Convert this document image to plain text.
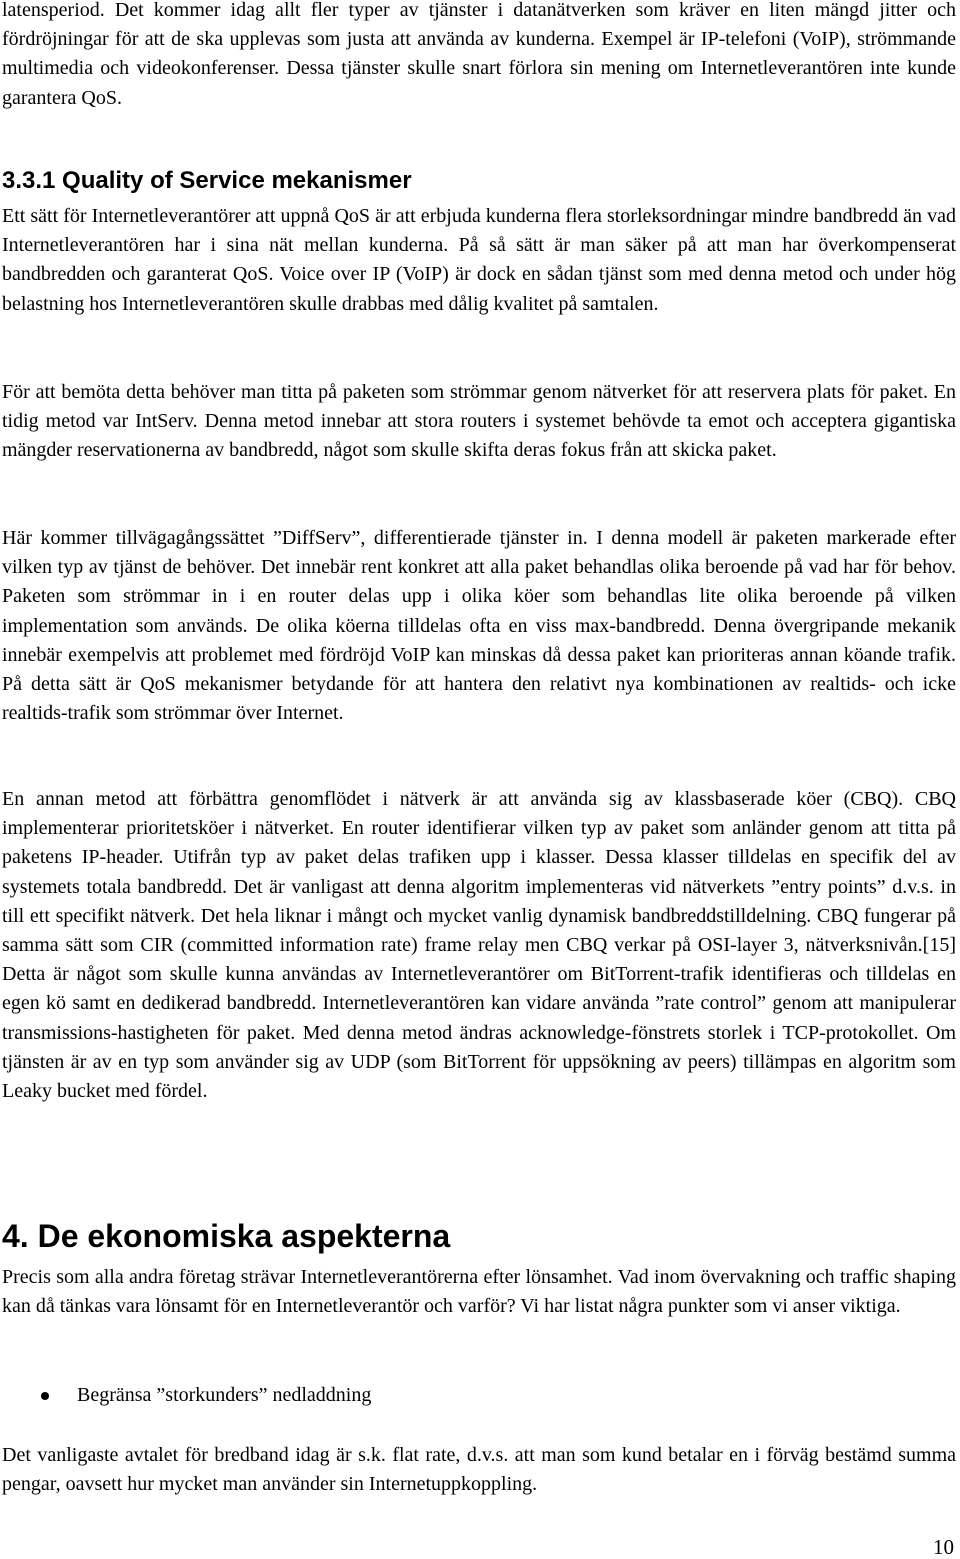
latensperiod. Det kommer idag allt fler typer av tjänster i datanätverken som kräver en liten mängd jitter och fördröjningar för att de ska upplevas som justa att använda av kunderna. Exempel är IP-telefoni (VoIP), strömmande multimedia och videokonferenser. Dessa tjänster skulle snart förlora sin mening om Internetleverantören inte kunde garantera QoS.

3.3.1 Quality of Service mekanismer

Ett sätt för Internetleverantörer att uppnå QoS är att erbjuda kunderna flera storleksordningar mindre bandbredd än vad Internetleverantören har i sina nät mellan kunderna. På så sätt är man säker på att man har överkompenserat bandbredden och garanterat QoS. Voice over IP (VoIP) är dock en sådan tjänst som med denna metod och under hög belastning hos Internetleverantören skulle drabbas med dålig kvalitet på samtalen.

För att bemöta detta behöver man titta på paketen som strömmar genom nätverket för att reservera plats för paket. En tidig metod var IntServ. Denna metod innebar att stora routers i systemet behövde ta emot och acceptera gigantiska mängder reservationerna av bandbredd, något som skulle skifta deras fokus från att skicka paket.

Här kommer tillvägagångssättet ”DiffServ”, differentierade tjänster in. I denna modell är paketen markerade efter vilken typ av tjänst de behöver. Det innebär rent konkret att alla paket behandlas olika beroende på vad har för behov. Paketen som strömmar in i en router delas upp i olika köer som behandlas lite olika beroende på vilken implementation som används. De olika köerna tilldelas ofta en viss max-bandbredd. Denna övergripande mekanik innebär exempelvis att problemet med fördröjd VoIP kan minskas då dessa paket kan prioriteras annan köande trafik. På detta sätt är QoS mekanismer betydande för att hantera den relativt nya kombinationen av realtids- och icke realtids-trafik som strömmar över Internet.

En annan metod att förbättra genomflödet i nätverk är att använda sig av klassbaserade köer (CBQ). CBQ implementerar prioritetsköer i nätverket. En router identifierar vilken typ av paket som anländer genom att titta på paketens IP-header. Utifrån typ av paket delas trafiken upp i klasser. Dessa klasser tilldelas en specifik del av systemets totala bandbredd. Det är vanligast att denna algoritm implementeras vid nätverkets ”entry points” d.v.s. in till ett specifikt nätverk. Det hela liknar i mångt och mycket vanlig dynamisk bandbreddstilldelning. CBQ fungerar på samma sätt som CIR (committed information rate) frame relay men CBQ verkar på OSI-layer 3, nätverksnivån.[15] Detta är något som skulle kunna användas av Internetleverantörer om BitTorrent-trafik identifieras och tilldelas en egen kö samt en dedikerad bandbredd. Internetleverantören kan vidare använda ”rate control” genom att manipulerar transmissions-hastigheten för paket. Med denna metod ändras acknowledge-fönstrets storlek i TCP-protokollet. Om tjänsten är av en typ som använder sig av UDP (som BitTorrent för uppsökning av peers) tillämpas en algoritm som Leaky bucket med fördel.

4. De ekonomiska aspekterna

Precis som alla andra företag strävar Internetleverantörerna efter lönsamhet. Vad inom övervakning och traffic shaping kan då tänkas vara lönsamt för en Internetleverantör och varför? Vi har listat några punkter som vi anser viktiga.

Begränsa ”storkunders” nedladdning

Det vanligaste avtalet för bredband idag är s.k. flat rate, d.v.s. att man som kund betalar en i förväg bestämd summa pengar, oavsett hur mycket man använder sin Internetuppkoppling.

10
